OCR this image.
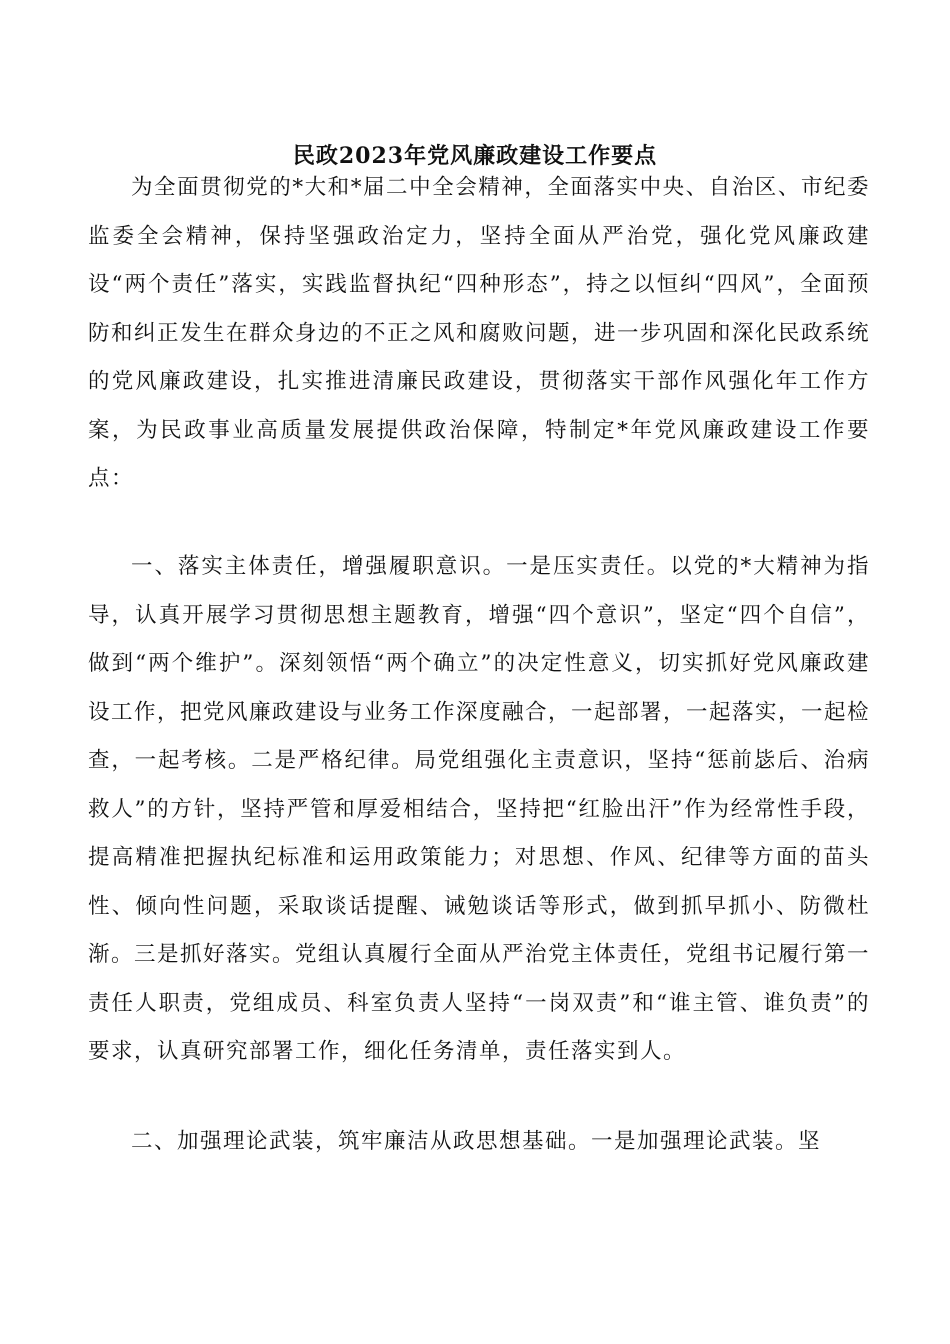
民政2023年党风廉政建设工作要点

为全面贯彻党的*大和*届二中全会精神，全面落实中央、自治区、市纪委监委全会精神，保持坚强政治定力，坚持全面从严治党，强化党风廉政建设“两个责任”落实，实践监督执纪“四种形态”，持之以恒纠“四风”，全面预防和纠正发生在群众身边的不正之风和腐败问题，进一步巩固和深化民政系统的党风廉政建设，扎实推进清廉民政建设，贯彻落实干部作风强化年工作方案，为民政事业高质量发展提供政治保障，特制定*年党风廉政建设工作要点：

一、落实主体责任，增强履职意识。一是压实责任。以党的*大精神为指导，认真开展学习贯彻思想主题教育，增强“四个意识”，坚定“四个自信”，做到“两个维护”。深刻领悟“两个确立”的决定性意义，切实抓好党风廉政建设工作，把党风廉政建设与业务工作深度融合，一起部署，一起落实，一起检查，一起考核。二是严格纪律。局党组强化主责意识，坚持“惩前毖后、治病救人”的方针，坚持严管和厚爱相结合，坚持把“红脸出汗”作为经常性手段，提高精准把握执纪标准和运用政策能力；对思想、作风、纪律等方面的苗头性、倾向性问题，采取谈话提醒、诫勉谈话等形式，做到抓早抓小、防微杜渐。三是抓好落实。党组认真履行全面从严治党主体责任，党组书记履行第一责任人职责，党组成员、科室负责人坚持“一岗双责”和“谁主管、谁负责”的要求，认真研究部署工作，细化任务清单，责任落实到人。

二、加强理论武装，筑牢廉洁从政思想基础。一是加强理论武装。坚
